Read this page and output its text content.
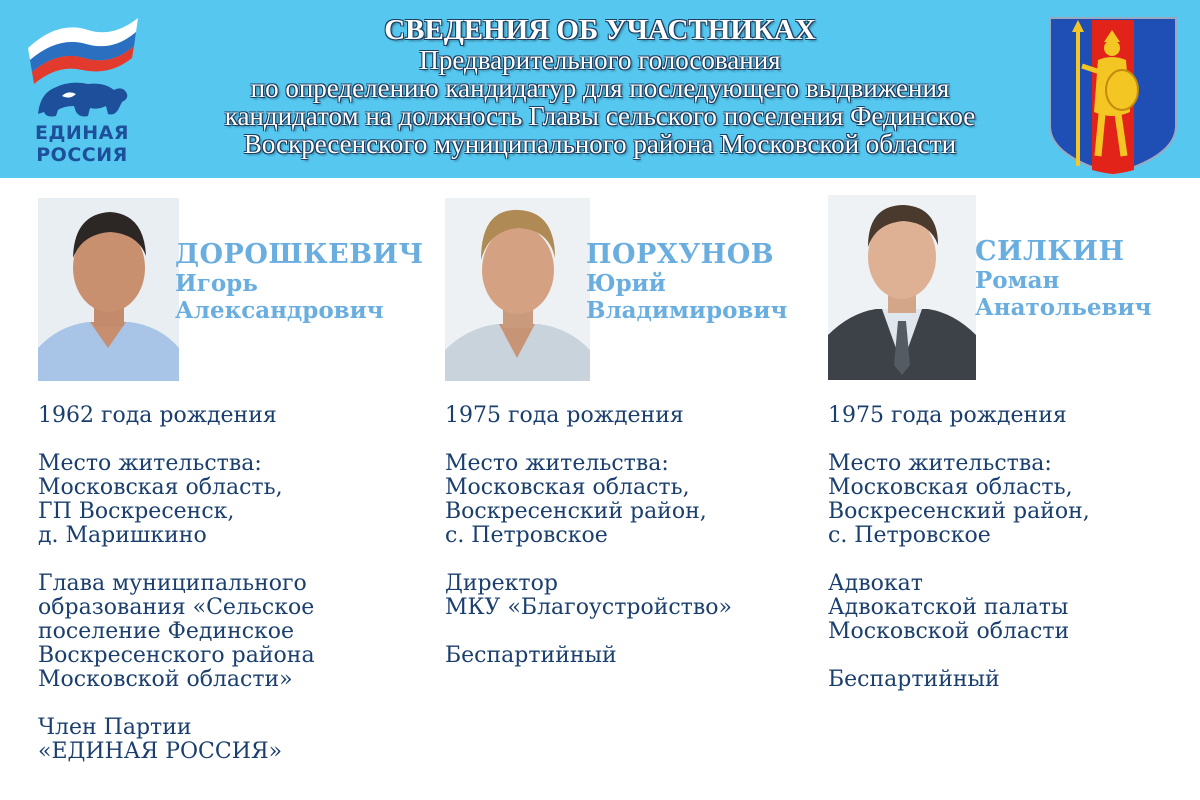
ЕДИНАЯ
РОССИЯ
СВЕДЕНИЯ ОБ УЧАСТНИКАХ
Предварительного голосования
по определению кандидатур для последующего выдвижения
кандидатом на должность Главы сельского поселения Фединское
Воскресенского муниципального района Московской области
ДОРОШКЕВИЧ
Игорь
Александрович

1962 года рождения

Место жительства:
Московская область,
ГП Воскресенск,
д. Маришкино

Глава муниципального
образования «Сельское
поселение Фединское
Воскресенского района
Московской области»

Член Партии
«ЕДИНАЯ РОССИЯ»

ПОРХУНОВ
Юрий
Владимирович

1975 года рождения

Место жительства:
Московская область,
Воскресенский район,
с. Петровское

Директор
МКУ «Благоустройство»

Беспартийный

СИЛКИН
Роман
Анатольевич

1975 года рождения

Место жительства:
Московская область,
Воскресенский район,
с. Петровское

Адвокат
Адвокатской палаты
Московской области

Беспартийный
